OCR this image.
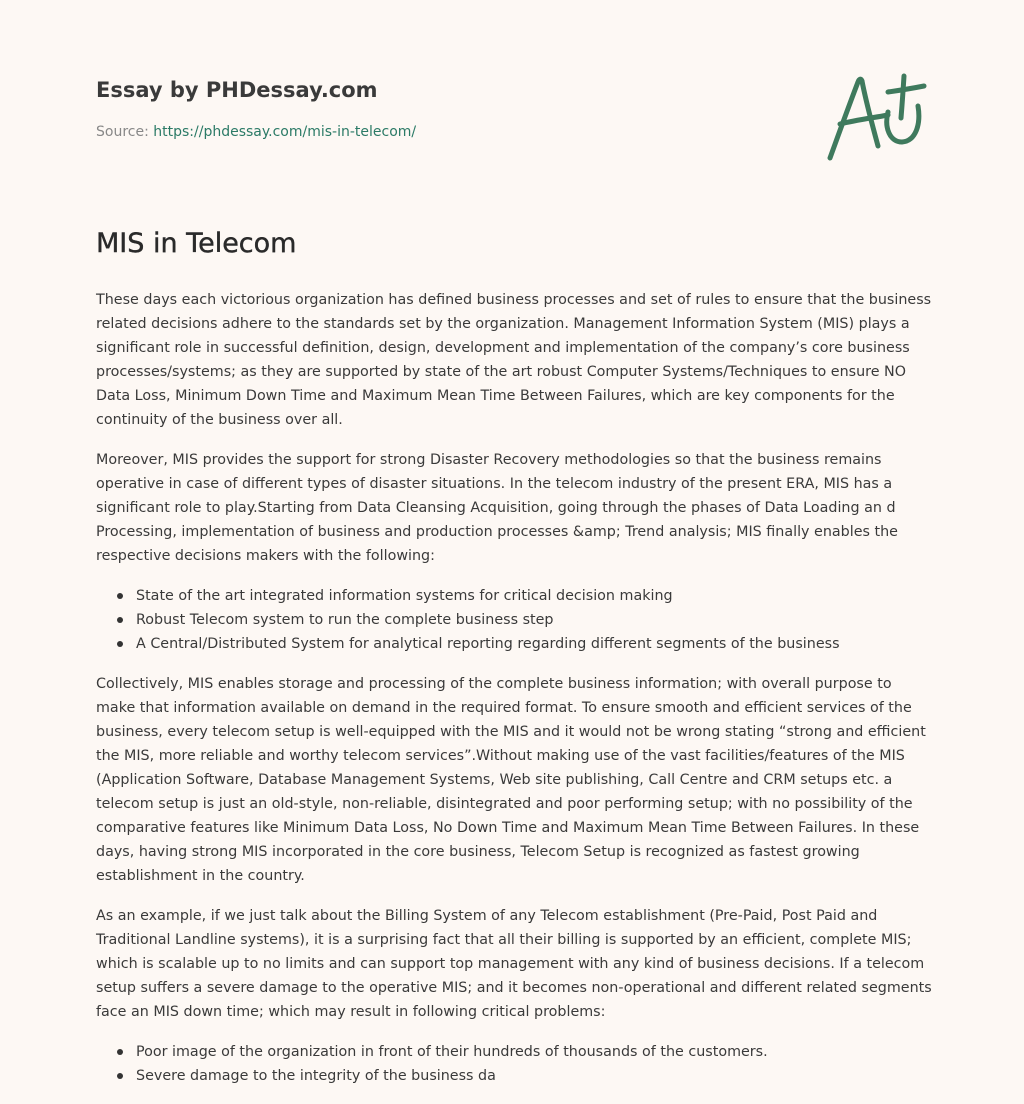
Essay by PHDessay.com
Source: https://phdessay.com/mis-in-telecom/
MIS in Telecom

These days each victorious organization has defined business processes and set of rules to ensure that the business related decisions adhere to the standards set by the organization. Management Information System (MIS) plays a significant role in successful definition, design, development and implementation of the company’s core business processes/systems; as they are supported by state of the art robust Computer Systems/Techniques to ensure NO Data Loss, Minimum Down Time and Maximum Mean Time Between Failures, which are key components for the continuity of the business over all.

Moreover, MIS provides the support for strong Disaster Recovery methodologies so that the business remains operative in case of different types of disaster situations. In the telecom industry of the present ERA, MIS has a significant role to play.Starting from Data Cleansing Acquisition, going through the phases of Data Loading an d Processing, implementation of business and production processes &amp; Trend analysis; MIS finally enables the respective decisions makers with the following:

State of the art integrated information systems for critical decision making
Robust Telecom system to run the complete business step
A Central/Distributed System for analytical reporting regarding different segments of the business

Collectively, MIS enables storage and processing of the complete business information; with overall purpose to make that information available on demand in the required format. To ensure smooth and efficient services of the business, every telecom setup is well-equipped with the MIS and it would not be wrong stating “strong and efficient the MIS, more reliable and worthy telecom services”.Without making use of the vast facilities/features of the MIS (Application Software, Database Management Systems, Web site publishing, Call Centre and CRM setups etc. a telecom setup is just an old-style, non-reliable, disintegrated and poor performing setup; with no possibility of the comparative features like Minimum Data Loss, No Down Time and Maximum Mean Time Between Failures. In these days, having strong MIS incorporated in the core business, Telecom Setup is recognized as fastest growing establishment in the country.

As an example, if we just talk about the Billing System of any Telecom establishment (Pre-Paid, Post Paid and Traditional Landline systems), it is a surprising fact that all their billing is supported by an efficient, complete MIS; which is scalable up to no limits and can support top management with any kind of business decisions. If a telecom setup suffers a severe damage to the operative MIS; and it becomes non-operational and different related segments face an MIS down time; which may result in following critical problems:

Poor image of the organization in front of their hundreds of thousands of the customers.
Severe damage to the integrity of the business da
